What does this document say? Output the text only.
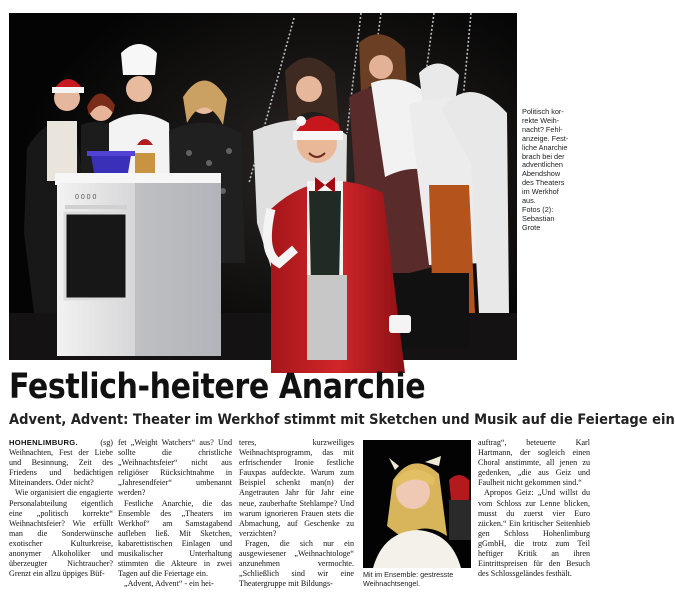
0 0 0 0
Politisch kor-
rekte Weih-
nacht? Fehl-
anzeige. Fest-
liche Anarchie
brach bei der
adventlichen
Abendshow
des Theaters
im Werkhof
aus.
Fotos (2):
Sebastian
Grote
Festlich-heitere Anarchie
Advent, Advent: Theater im Werkhof stimmt mit Sketchen und Musik auf die Feiertage ein

HOHENLIMBURG.	(sg) Weihnachten, Fest der Liebe und Besinnung, Zeit des Friedens und bedächtigen Miteinanders. Oder nicht?

Wie organisiert die engagierte Personalabteilung eigentlich eine „politisch korrekte“ Weihnachtsfeier? Wie erfüllt man die Sonderwünsche exotischer Kulturkreise, anonymer Alkoholiker und überzeugter Nichtraucher? Grenzt ein allzu üppiges Büf-

fet „Weight Watchers“ aus? Und sollte die christliche „Weihnachtsfeier“ nicht aus religiöser Rücksichtnahme in „Jahresendfeier“ umbenannt werden?

Festliche Anarchie, die das Ensemble des „Theaters im Werkhof“ am Samstagabend aufleben ließ. Mit Sketchen, kabarettistischen Einlagen und musikalischer Unterhaltung stimmten die Akteure in zwei Tagen auf die Feiertage ein.

„Advent, Advent“ - ein hei-

teres, kurzweiliges Weihnachtsprogramm, das mit erfrischender Ironie festliche Fauxpas aufdeckte. Warum zum Beispiel schenkt man(n) der Angetrauten Jahr für Jahr eine neue, zauberhafte Stehlampe? Und warum ignorieren Frauen stets die Abmachung, auf Geschenke zu verzichten?

Fragen, die sich nur ein ausgewiesener „Weihnachtologe“ anzunehmen vermochte. „Schließlich sind wir eine Theatergruppe mit Bildungs-

Mit im Ensemble: gestresste Weihnachtsengel.

auftrag“, beteuerte Karl Hartmann, der sogleich einen Choral anstimmte, all jenen zu gedenken, „die aus Geiz und Faulheit nicht gekommen sind.“

Apropos Geiz: „Und willst du vom Schloss zur Lenne blicken, musst du zuerst vier Euro zücken.“ Ein kritischer Seitenhieb gen Schloss Hohenlimburg gGmbH, die trotz zum Teil heftiger Kritik an ihren Eintrittspreisen für den Besuch des Schlossgeländes festhält.
